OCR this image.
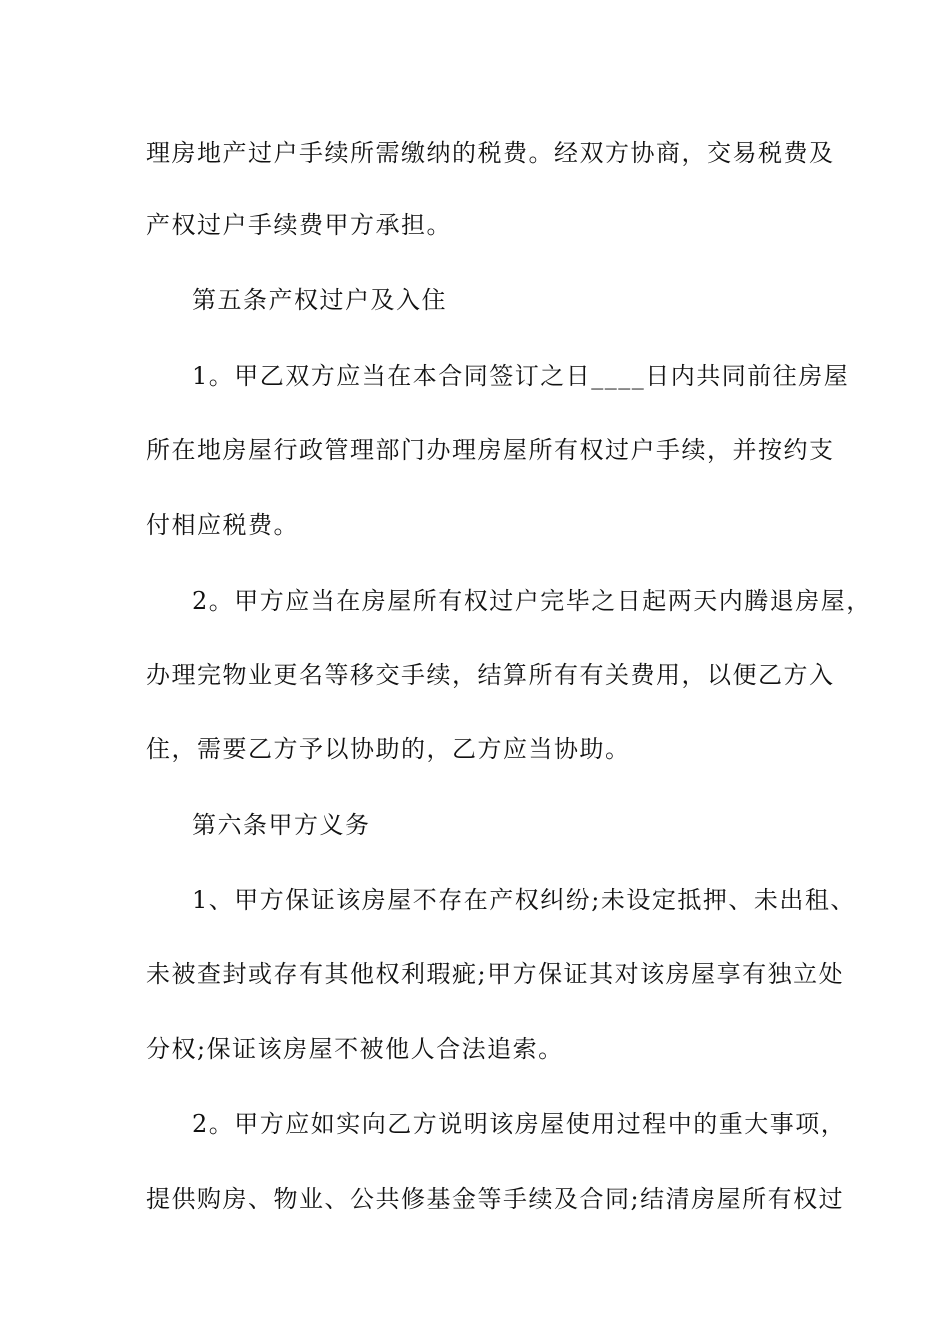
理房地产过户手续所需缴纳的税费。经双方协商，交易税费及
产权过户手续费甲方承担。
第五条产权过户及入住
1。甲乙双方应当在本合同签订之日____日内共同前往房屋
所在地房屋行政管理部门办理房屋所有权过户手续，并按约支
付相应税费。
2。甲方应当在房屋所有权过户完毕之日起两天内腾退房屋，
办理完物业更名等移交手续，结算所有有关费用，以便乙方入
住，需要乙方予以协助的，乙方应当协助。
第六条甲方义务
1、甲方保证该房屋不存在产权纠纷;未设定抵押、未出租、
未被查封或存有其他权利瑕疵;甲方保证其对该房屋享有独立处
分权;保证该房屋不被他人合法追索。
2。甲方应如实向乙方说明该房屋使用过程中的重大事项，
提供购房、物业、公共修基金等手续及合同;结清房屋所有权过
